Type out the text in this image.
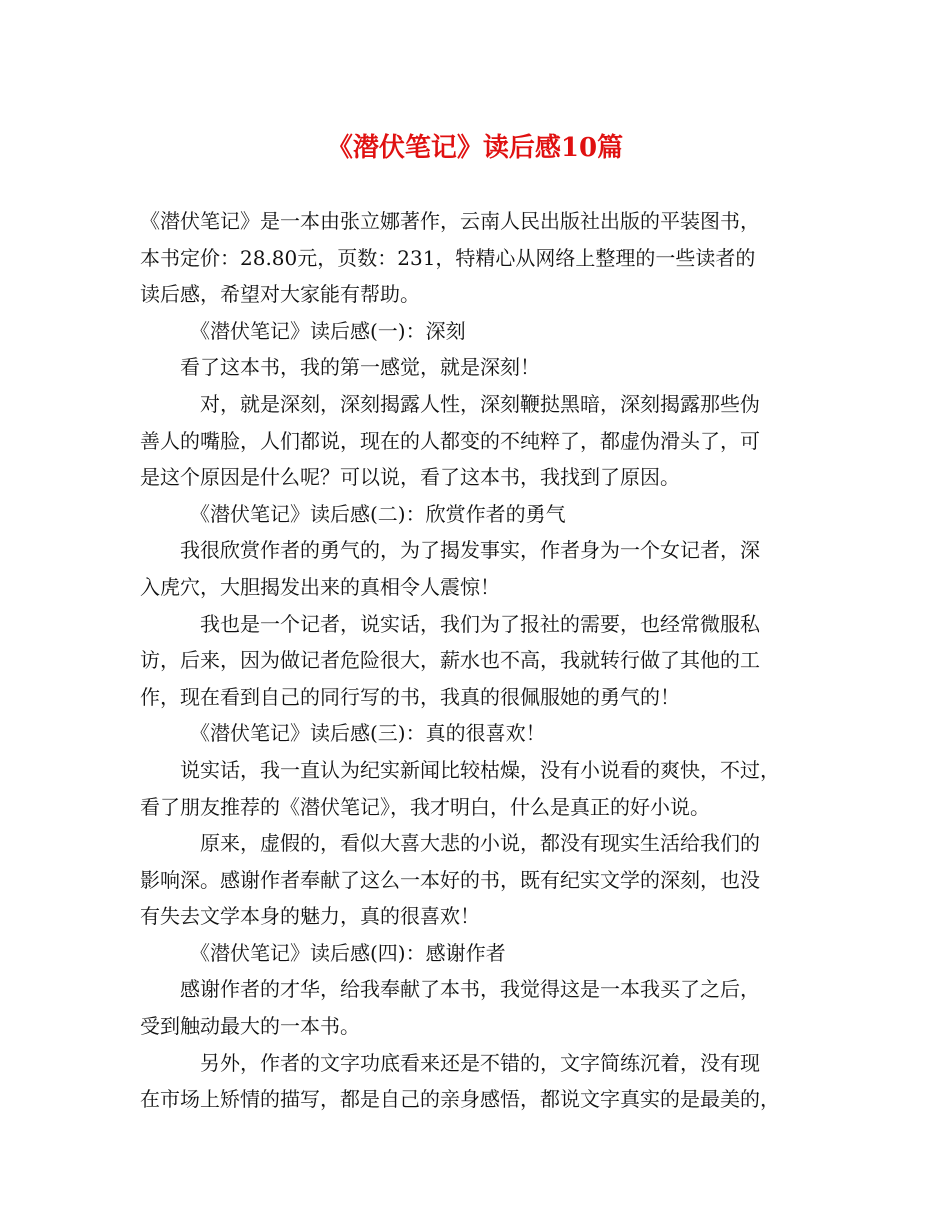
《潜伏笔记》读后感10篇

《潜伏笔记》是一本由张立娜著作，云南人民出版社出版的平装图书，

本书定价：28.80元，页数：231，特精心从网络上整理的一些读者的

读后感，希望对大家能有帮助。

《潜伏笔记》读后感(一)：深刻

看了这本书，我的第一感觉，就是深刻！

对，就是深刻，深刻揭露人性，深刻鞭挞黑暗，深刻揭露那些伪

善人的嘴脸，人们都说，现在的人都变的不纯粹了，都虚伪滑头了，可

是这个原因是什么呢？可以说，看了这本书，我找到了原因。

《潜伏笔记》读后感(二)：欣赏作者的勇气

我很欣赏作者的勇气的，为了揭发事实，作者身为一个女记者，深

入虎穴，大胆揭发出来的真相令人震惊！

我也是一个记者，说实话，我们为了报社的需要，也经常微服私

访，后来，因为做记者危险很大，薪水也不高，我就转行做了其他的工

作，现在看到自己的同行写的书，我真的很佩服她的勇气的！

《潜伏笔记》读后感(三)：真的很喜欢！

说实话，我一直认为纪实新闻比较枯燥，没有小说看的爽快，不过，

看了朋友推荐的《潜伏笔记》，我才明白，什么是真正的好小说。

原来，虚假的，看似大喜大悲的小说，都没有现实生活给我们的

影响深。感谢作者奉献了这么一本好的书，既有纪实文学的深刻，也没

有失去文学本身的魅力，真的很喜欢！

《潜伏笔记》读后感(四)：感谢作者

感谢作者的才华，给我奉献了本书，我觉得这是一本我买了之后，

受到触动最大的一本书。

另外，作者的文字功底看来还是不错的，文字简练沉着，没有现

在市场上矫情的描写，都是自己的亲身感悟，都说文字真实的是最美的，
